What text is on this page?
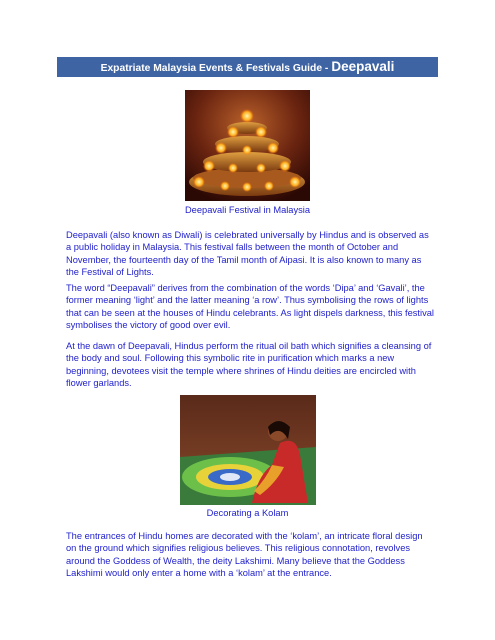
Expatriate Malaysia Events & Festivals Guide - Deepavali
Deepavali Festival in Malaysia

Deepavali (also known as Diwali) is celebrated universally by Hindus and is observed as a public holiday in Malaysia. This festival falls between the month of October and November, the fourteenth day of the Tamil month of Aipasi. It is also known to many as the Festival of Lights.

The word “Deepavali” derives from the combination of the words ‘Dipa’ and ‘Gavali’, the former meaning ‘light’ and the latter meaning ‘a row’. Thus symbolising the rows of lights that can be seen at the houses of Hindu celebrants. As light dispels darkness, this festival symbolises the victory of good over evil.

At the dawn of Deepavali, Hindus perform the ritual oil bath which signifies a cleansing of the body and soul. Following this symbolic rite in purification which marks a new beginning, devotees visit the temple where shrines of Hindu deities are encircled with flower garlands.

Decorating a Kolam

The entrances of Hindu homes are decorated with the ‘kolam’, an intricate floral design on the ground which signifies religious believes. This religious connotation, revolves around the Goddess of Wealth, the deity Lakshimi. Many believe that the Goddess Lakshimi would only enter a home with a ‘kolam’ at the entrance.
